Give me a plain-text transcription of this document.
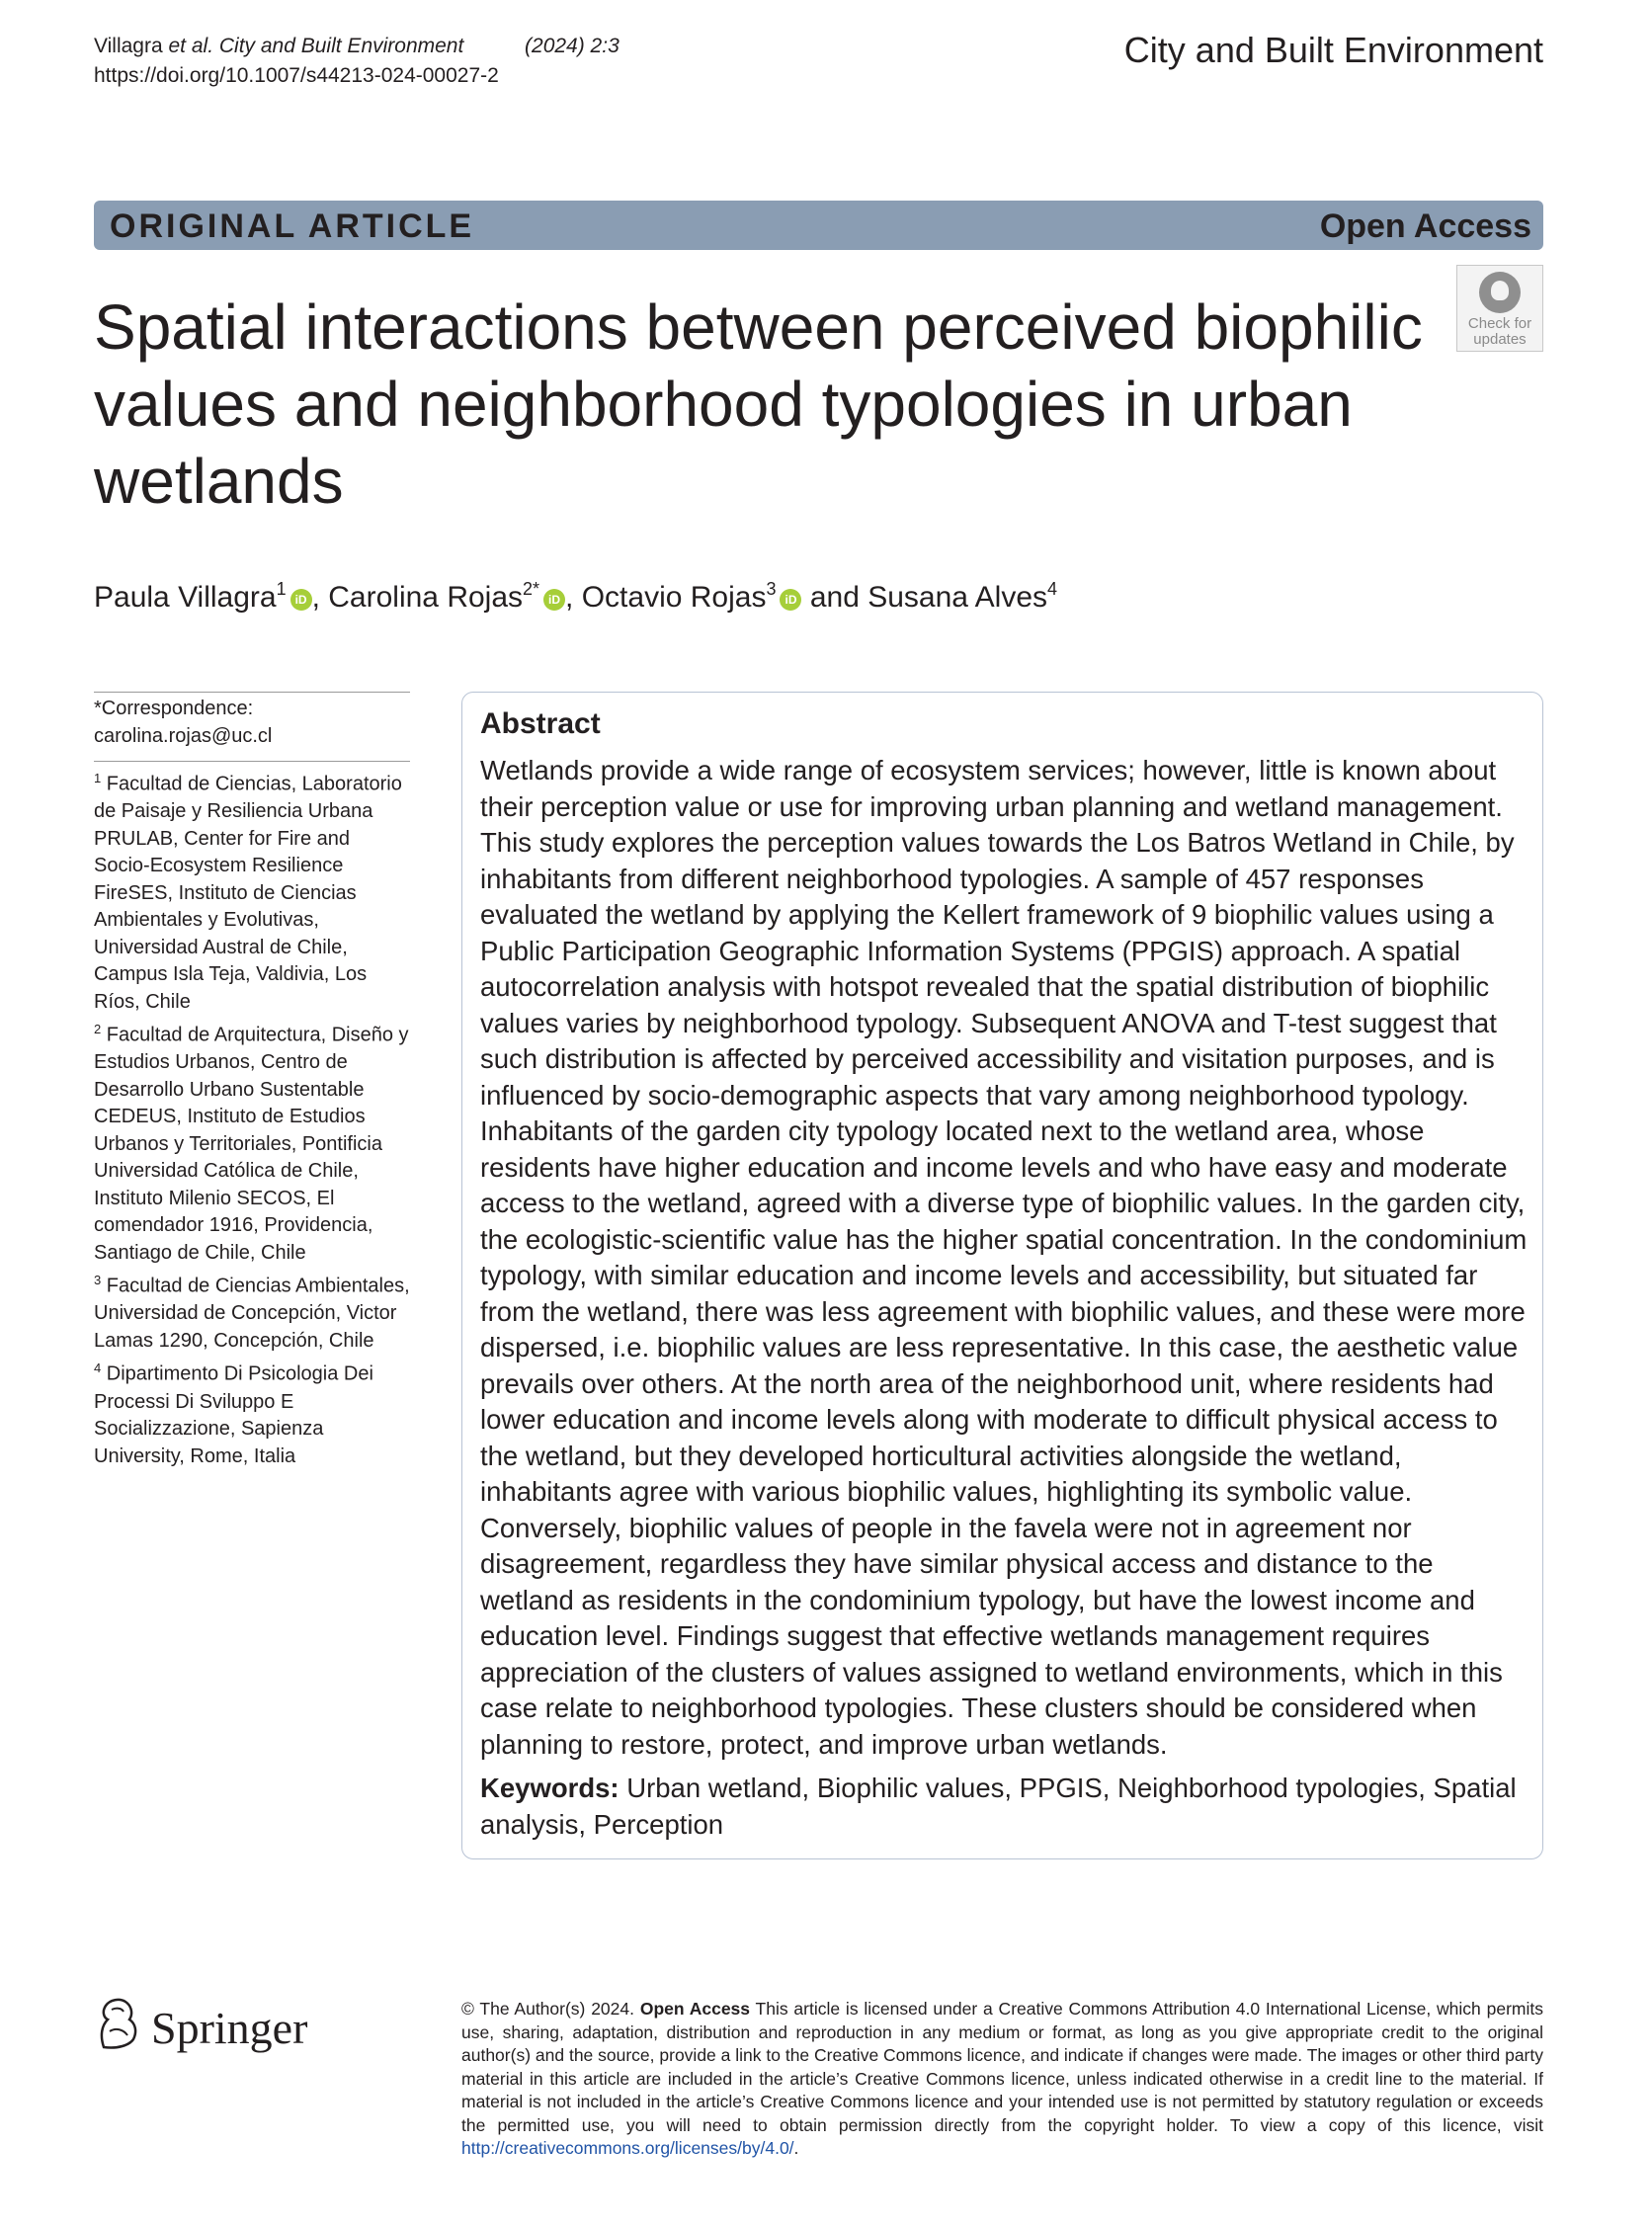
Villagra et al. City and Built Environment	(2024) 2:3
https://doi.org/10.1007/s44213-024-00027-2
City and Built Environment
ORIGINAL ARTICLE	Open Access
Check for
updates
Spatial interactions between perceived biophilic values and neighborhood typologies in urban wetlands
Paula Villagra$^1$iD , Carolina Rojas$^{2*}$iD , Octavio Rojas$^3$iD and Susana Alves$^4$
*Correspondence:
carolina.rojas@uc.cl
$^1$ Facultad de Ciencias, Laboratorio de Paisaje y Resiliencia Urbana PRULAB, Center for Fire and Socio-Ecosystem Resilience FireSES, Instituto de Ciencias Ambientales y Evolutivas, Universidad Austral de Chile, Campus Isla Teja, Valdivia, Los Ríos, Chile
$^2$ Facultad de Arquitectura, Diseño y Estudios Urbanos, Centro de Desarrollo Urbano Sustentable CEDEUS, Instituto de Estudios Urbanos y Territoriales, Pontificia Universidad Católica de Chile, Instituto Milenio SECOS, El comendador 1916, Providencia, Santiago de Chile, Chile
$^3$ Facultad de Ciencias Ambientales, Universidad de Concepción, Victor Lamas 1290, Concepción, Chile
$^4$ Dipartimento Di Psicologia Dei Processi Di Sviluppo E Socializzazione, Sapienza University, Rome, Italia
Abstract
Wetlands provide a wide range of ecosystem services; however, little is known about their perception value or use for improving urban planning and wetland management. This study explores the perception values towards the Los Batros Wetland in Chile, by inhabitants from different neighborhood typologies. A sample of 457 responses evaluated the wetland by applying the Kellert framework of 9 biophilic values using a Public Participation Geographic Information Systems (PPGIS) approach. A spatial autocorrelation analysis with hotspot revealed that the spatial distribution of biophilic values varies by neighborhood typology. Subsequent ANOVA and T-test suggest that such distribution is affected by perceived accessibility and visitation purposes, and is influenced by socio-demographic aspects that vary among neighborhood typology. Inhabitants of the garden city typology located next to the wetland area, whose residents have higher education and income levels and who have easy and moderate access to the wetland, agreed with a diverse type of biophilic values. In the garden city, the ecologistic-scientific value has the higher spatial concentration. In the condominium typology, with similar education and income levels and accessibility, but situated far from the wetland, there was less agreement with biophilic values, and these were more dispersed, i.e. biophilic values are less representative. In this case, the aesthetic value prevails over others. At the north area of the neighborhood unit, where residents had lower education and income levels along with moderate to difficult physical access to the wetland, but they developed horticultural activities alongside the wetland, inhabitants agree with various biophilic values, highlighting its symbolic value. Conversely, biophilic values of people in the favela were not in agreement nor disagreement, regardless they have similar physical access and distance to the wetland as residents in the condominium typology, but have the lowest income and education level. Findings suggest that effective wetlands management requires appreciation of the clusters of values assigned to wetland environments, which in this case relate to neighborhood typologies. These clusters should be considered when planning to restore, protect, and improve urban wetlands.
Keywords: Urban wetland, Biophilic values, PPGIS, Neighborhood typologies, Spatial analysis, Perception
Springer	© The Author(s) 2024. Open Access This article is licensed under a Creative Commons Attribution 4.0 International License, which permits use, sharing, adaptation, distribution and reproduction in any medium or format, as long as you give appropriate credit to the original author(s) and the source, provide a link to the Creative Commons licence, and indicate if changes were made. The images or other third party material in this article are included in the article’s Creative Commons licence, unless indicated otherwise in a credit line to the material. If material is not included in the article’s Creative Commons licence and your intended use is not permitted by statutory regulation or exceeds the permitted use, you will need to obtain permission directly from the copyright holder. To view a copy of this licence, visit http://creativecommons.org/licenses/by/4.0/.
